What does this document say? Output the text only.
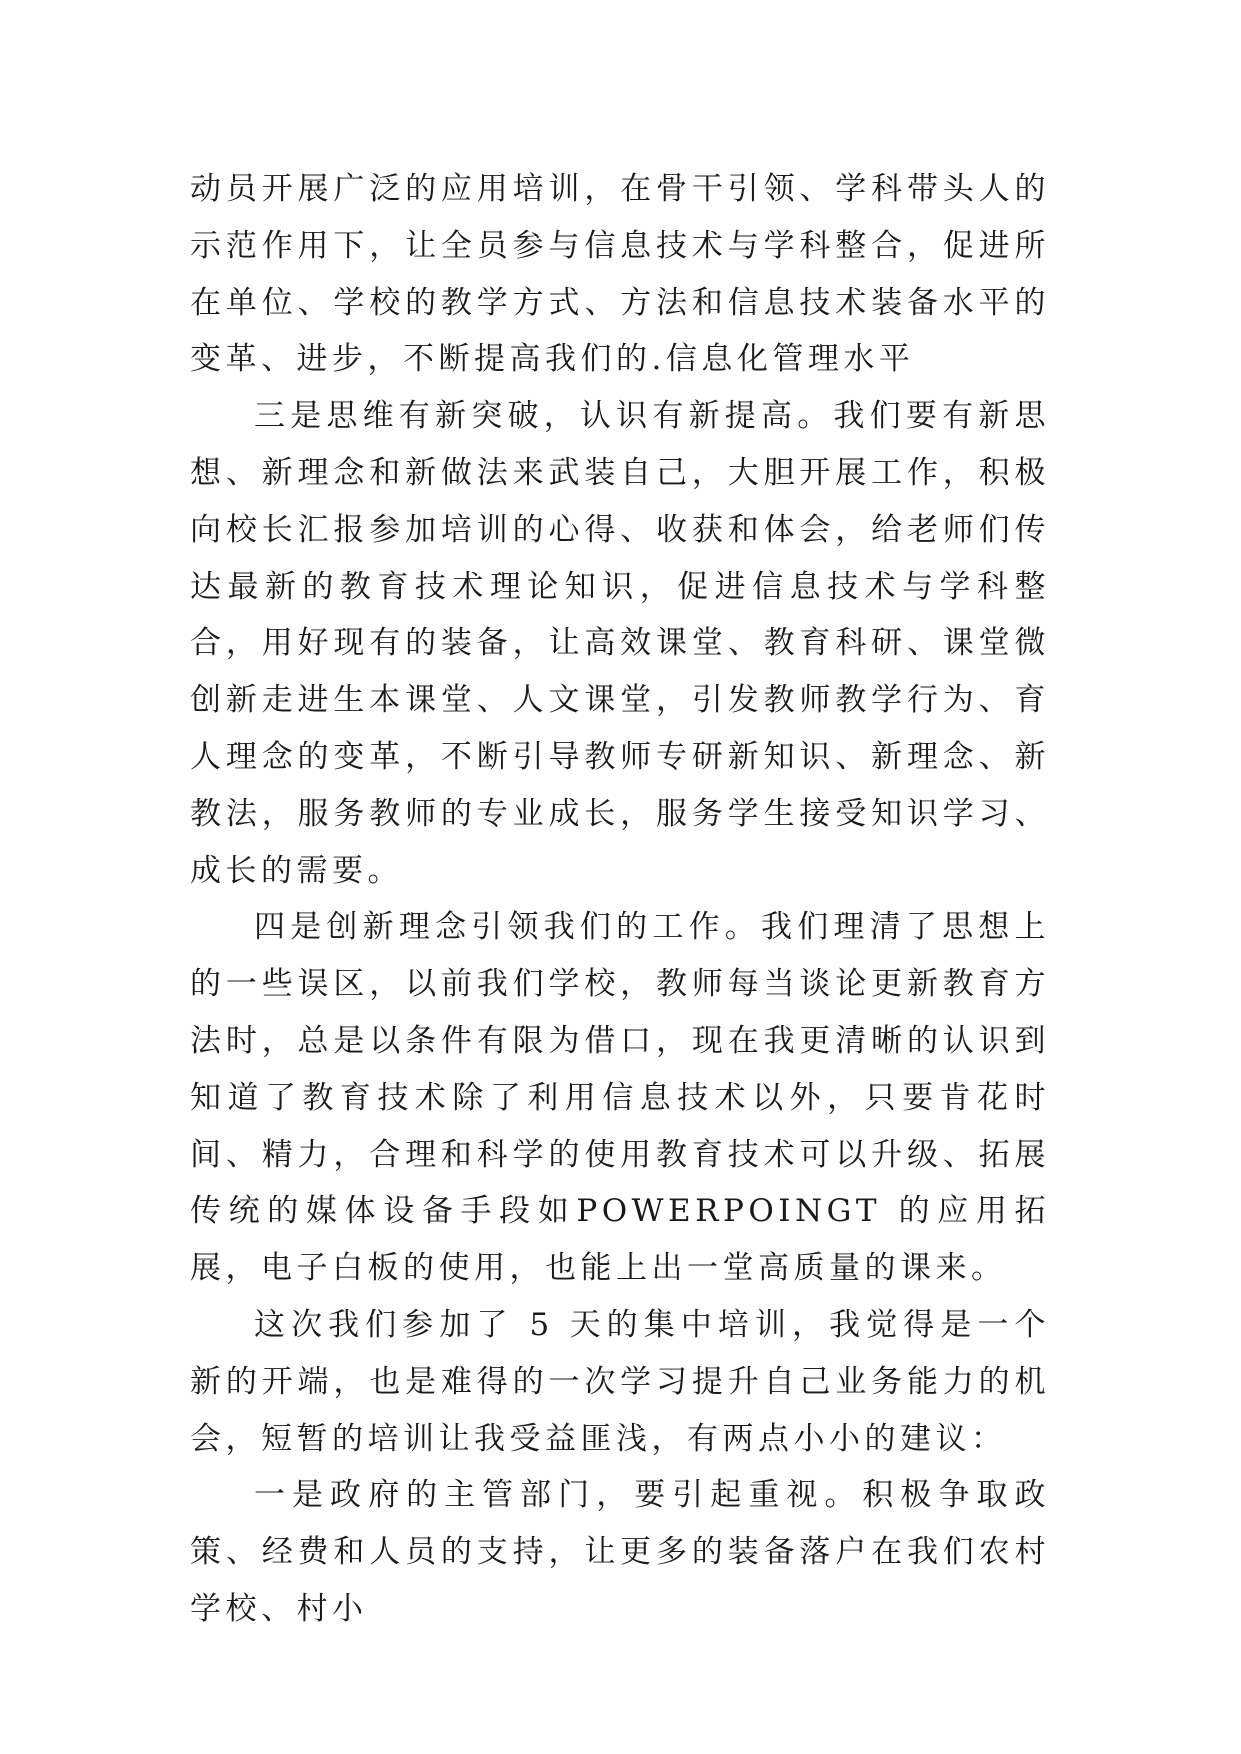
动员开展广泛的应用培训，在骨干引领、学科带头人的示范作用下，让全员参与信息技术与学科整合，促进所在单位、学校的教学方式、方法和信息技术装备水平的变革、进步，不断提高我们的.信息化管理水平

三是思维有新突破，认识有新提高。我们要有新思想、新理念和新做法来武装自己，大胆开展工作，积极向校长汇报参加培训的心得、收获和体会，给老师们传达最新的教育技术理论知识，促进信息技术与学科整合，用好现有的装备，让高效课堂、教育科研、课堂微创新走进生本课堂、人文课堂，引发教师教学行为、育人理念的变革，不断引导教师专研新知识、新理念、新教法，服务教师的专业成长，服务学生接受知识学习、成长的需要。

四是创新理念引领我们的工作。我们理清了思想上的一些误区，以前我们学校，教师每当谈论更新教育方法时，总是以条件有限为借口，现在我更清晰的认识到知道了教育技术除了利用信息技术以外，只要肯花时间、精力，合理和科学的使用教育技术可以升级、拓展传统的媒体设备手段如POWERPOINGT 的应用拓展，电子白板的使用，也能上出一堂高质量的课来。

这次我们参加了 5 天的集中培训，我觉得是一个新的开端，也是难得的一次学习提升自己业务能力的机会，短暂的培训让我受益匪浅，有两点小小的建议：

一是政府的主管部门，要引起重视。积极争取政策、经费和人员的支持，让更多的装备落户在我们农村学校、村小
